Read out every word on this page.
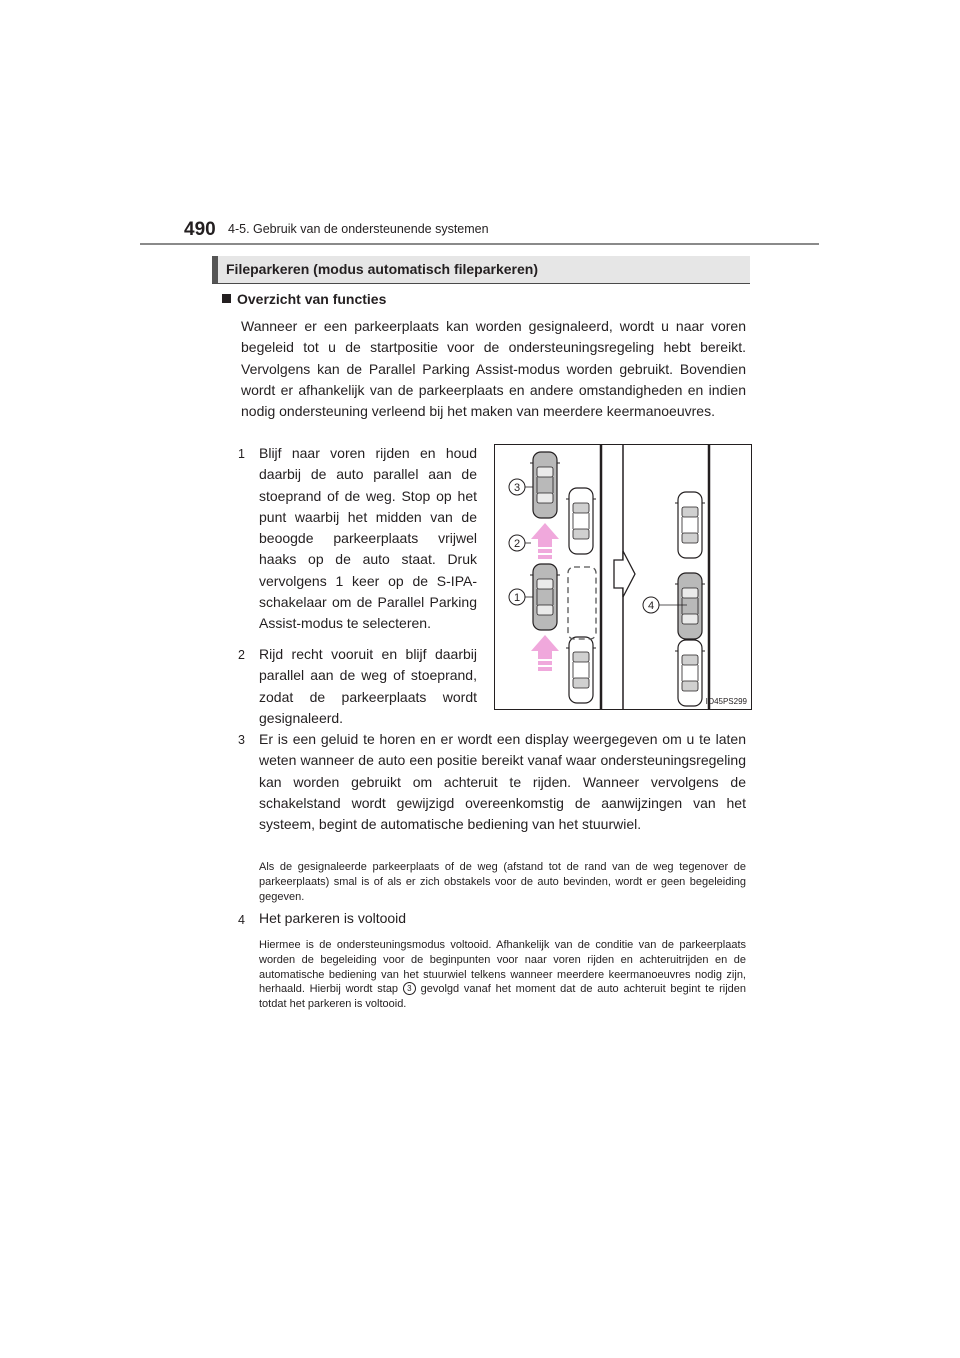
490 4-5. Gebruik van de ondersteunende systemen
Fileparkeren (modus automatisch fileparkeren)
Overzicht van functies
Wanneer er een parkeerplaats kan worden gesignaleerd, wordt u naar voren begeleid tot u de startpositie voor de ondersteuningsregeling hebt bereikt. Vervolgens kan de Parallel Parking Assist-modus worden gebruikt. Bovendien wordt er afhankelijk van de parkeerplaats en andere omstandigheden en indien nodig ondersteuning verleend bij het maken van meerdere keermanoeuvres.
1 Blijf naar voren rijden en houd daarbij de auto parallel aan de stoeprand of de weg. Stop op het punt waarbij het midden van de beoogde parkeerplaats vrijwel haaks op de auto staat. Druk vervolgens 1 keer op de S-IPA-schakelaar om de Parallel Parking Assist-modus te selecteren.
2 Rijd recht vooruit en blijf daarbij parallel aan de weg of stoeprand, zodat de parkeerplaats wordt gesignaleerd.
3 Er is een geluid te horen en er wordt een display weergegeven om u te laten weten wanneer de auto een positie bereikt vanaf waar ondersteuningsregeling kan worden gebruikt om achteruit te rijden. Wanneer vervolgens de schakelstand wordt gewijzigd overeenkomstig de aanwijzingen van het systeem, begint de automatische bediening van het stuurwiel.
Als de gesignaleerde parkeerplaats of de weg (afstand tot de rand van de weg tegenover de parkeerplaats) smal is of als er zich obstakels voor de auto bevinden, wordt er geen begeleiding gegeven.
4 Het parkeren is voltooid
Hiermee is de ondersteuningsmodus voltooid. Afhankelijk van de conditie van de parkeerplaats worden de begeleiding voor de beginpunten voor naar voren rijden en achteruitrijden en de automatische bediening van het stuurwiel telkens wanneer meerdere keermanoeuvres nodig zijn, herhaald. Hierbij wordt stap 3 gevolgd vanaf het moment dat de auto achteruit begint te rijden totdat het parkeren is voltooid.
3
2
1
4
IO45PS299
